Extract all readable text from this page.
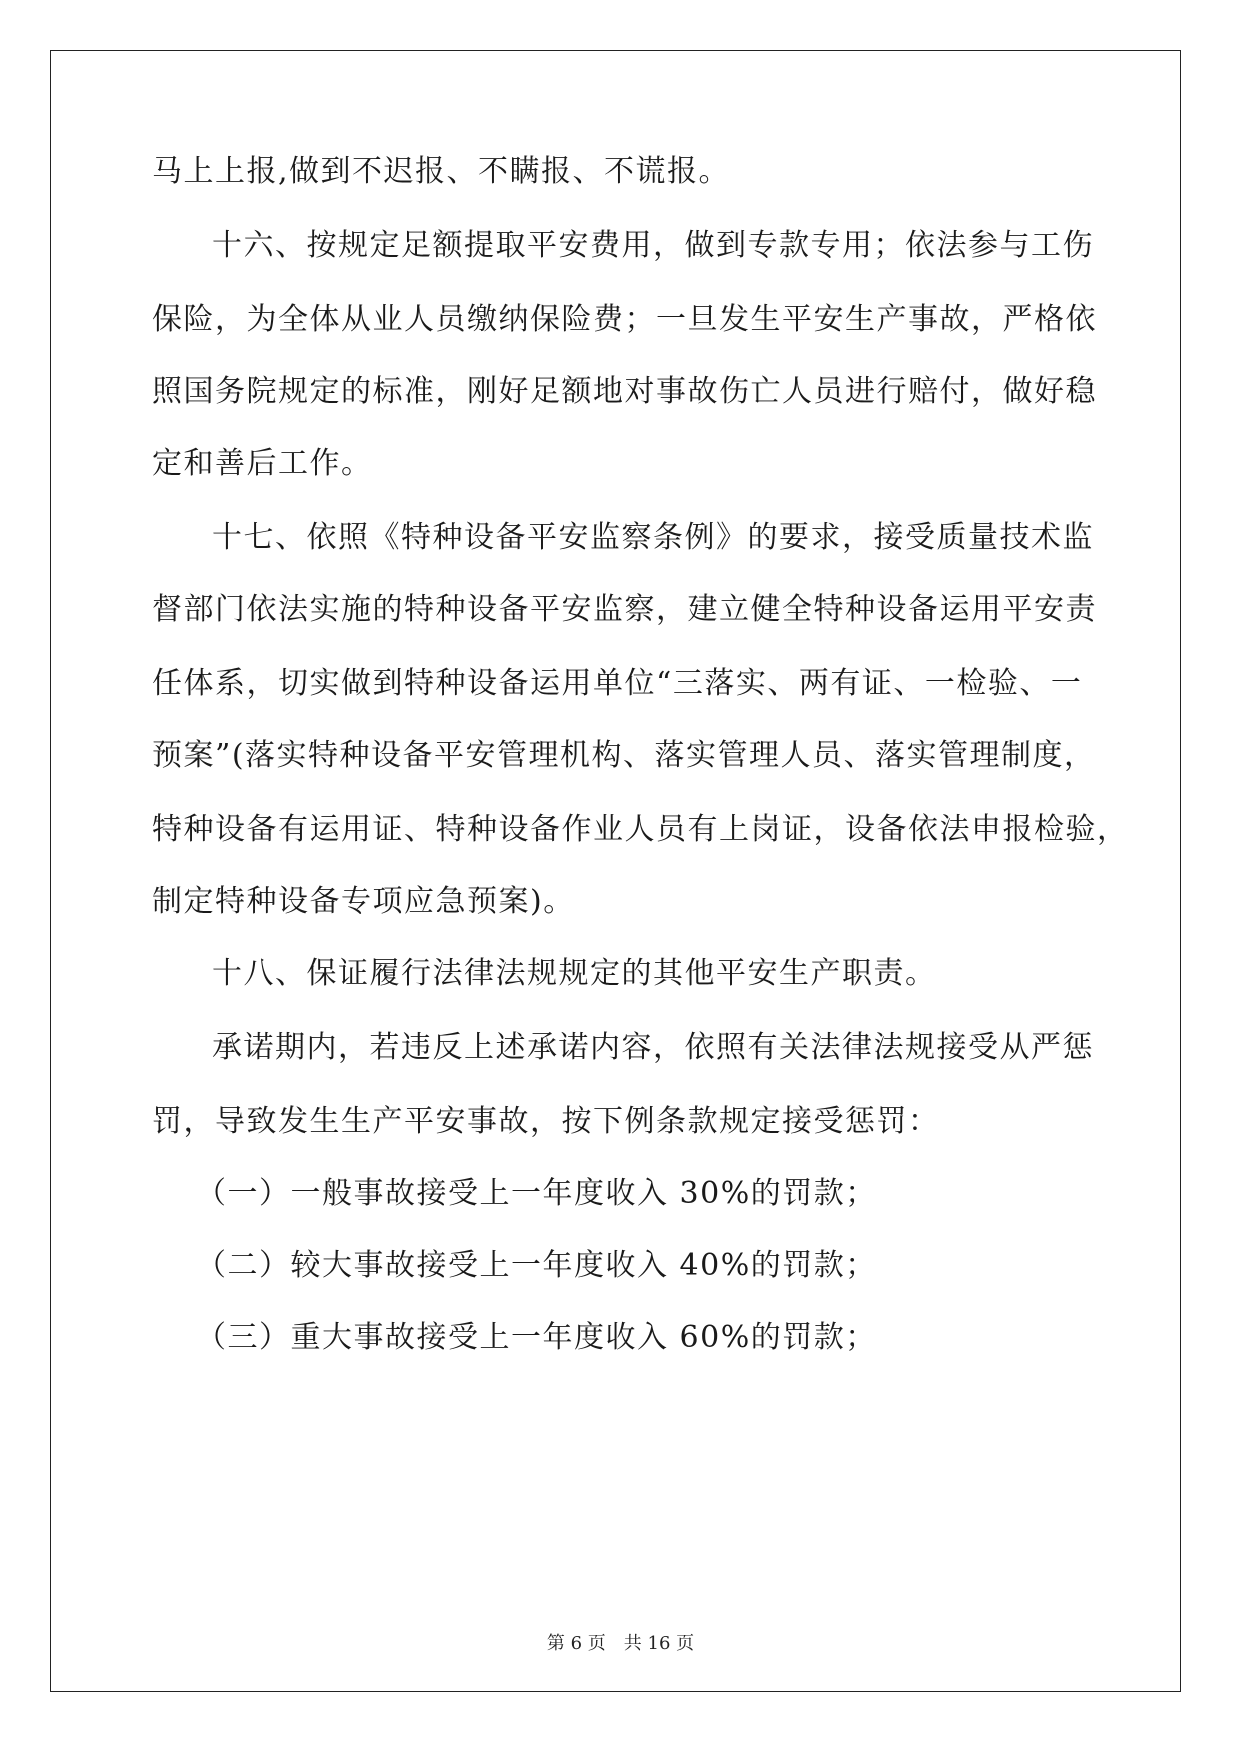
马上上报,做到不迟报、不瞒报、不谎报。
十六、按规定足额提取平安费用，做到专款专用；依法参与工伤
保险，为全体从业人员缴纳保险费；一旦发生平安生产事故，严格依
照国务院规定的标准，刚好足额地对事故伤亡人员进行赔付，做好稳
定和善后工作。
十七、依照《特种设备平安监察条例》的要求，接受质量技术监
督部门依法实施的特种设备平安监察，建立健全特种设备运用平安责
任体系，切实做到特种设备运用单位“三落实、两有证、一检验、一
预案”(落实特种设备平安管理机构、落实管理人员、落实管理制度，
特种设备有运用证、特种设备作业人员有上岗证，设备依法申报检验，
制定特种设备专项应急预案)。
十八、保证履行法律法规规定的其他平安生产职责。
承诺期内，若违反上述承诺内容，依照有关法律法规接受从严惩
罚，导致发生生产平安事故，按下例条款规定接受惩罚：
（一）一般事故接受上一年度收入 30%的罚款；
（二）较大事故接受上一年度收入 40%的罚款；
（三）重大事故接受上一年度收入 60%的罚款；
第 6 页　共 16 页
